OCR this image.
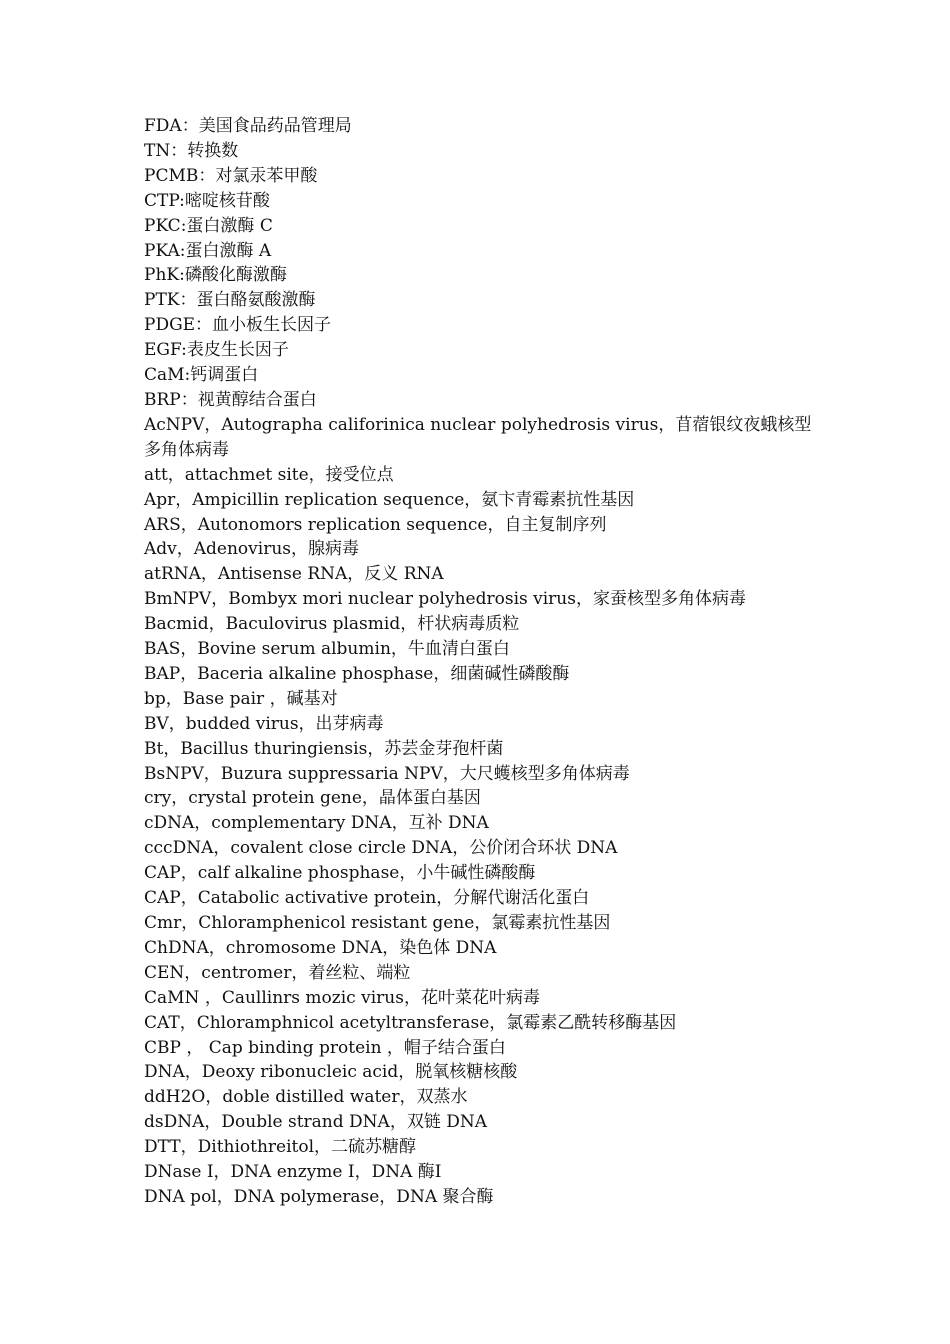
FDA：美国食品药品管理局

TN：转换数

PCMB：对氯汞苯甲酸

CTP:嘧啶核苷酸

PKC:蛋白激酶 C

PKA:蛋白激酶 A

PhK:磷酸化酶激酶

PTK：蛋白酪氨酸激酶

PDGE：血小板生长因子

EGF:表皮生长因子

CaM:钙调蛋白

BRP：视黄醇结合蛋白

AcNPV，Autographa califorinica nuclear polyhedrosis virus，苜蓿银纹夜蛾核型多角体病毒

att，attachmet site，接受位点

Apr，Ampicillin replication sequence，氨卞青霉素抗性基因

ARS，Autonomors replication sequence，自主复制序列

Adv，Adenovirus，腺病毒

atRNA，Antisense RNA，反义 RNA

BmNPV，Bombyx mori nuclear polyhedrosis virus，家蚕核型多角体病毒

Bacmid，Baculovirus plasmid，杆状病毒质粒

BAS，Bovine serum albumin，牛血清白蛋白

BAP，Baceria alkaline phosphase，细菌碱性磷酸酶

bp，Base pair ，碱基对

BV，budded virus，出芽病毒

Bt，Bacillus thuringiensis，苏芸金芽孢杆菌

BsNPV，Buzura suppressaria NPV，大尺蠖核型多角体病毒

cry，crystal protein gene，晶体蛋白基因

cDNA，complementary DNA，互补 DNA

cccDNA，covalent close circle DNA，公价闭合环状 DNA

CAP，calf alkaline phosphase，小牛碱性磷酸酶

CAP，Catabolic activative protein，分解代谢活化蛋白

Cmr，Chloramphenicol resistant gene，氯霉素抗性基因

ChDNA，chromosome DNA，染色体 DNA

CEN，centromer，着丝粒、端粒

CaMN ，Caullinrs mozic virus，花叶菜花叶病毒

CAT，Chloramphnicol acetyltransferase，氯霉素乙酰转移酶基因

CBP ， Cap binding protein ，帽子结合蛋白

DNA，Deoxy ribonucleic acid，脱氧核糖核酸

ddH2O，doble distilled water，双蒸水

dsDNA，Double strand DNA，双链 DNA

DTT，Dithiothreitol，二硫苏糖醇

DNase Ⅰ，DNA enzyme Ⅰ，DNA 酶Ⅰ

DNA pol，DNA polymerase，DNA 聚合酶
